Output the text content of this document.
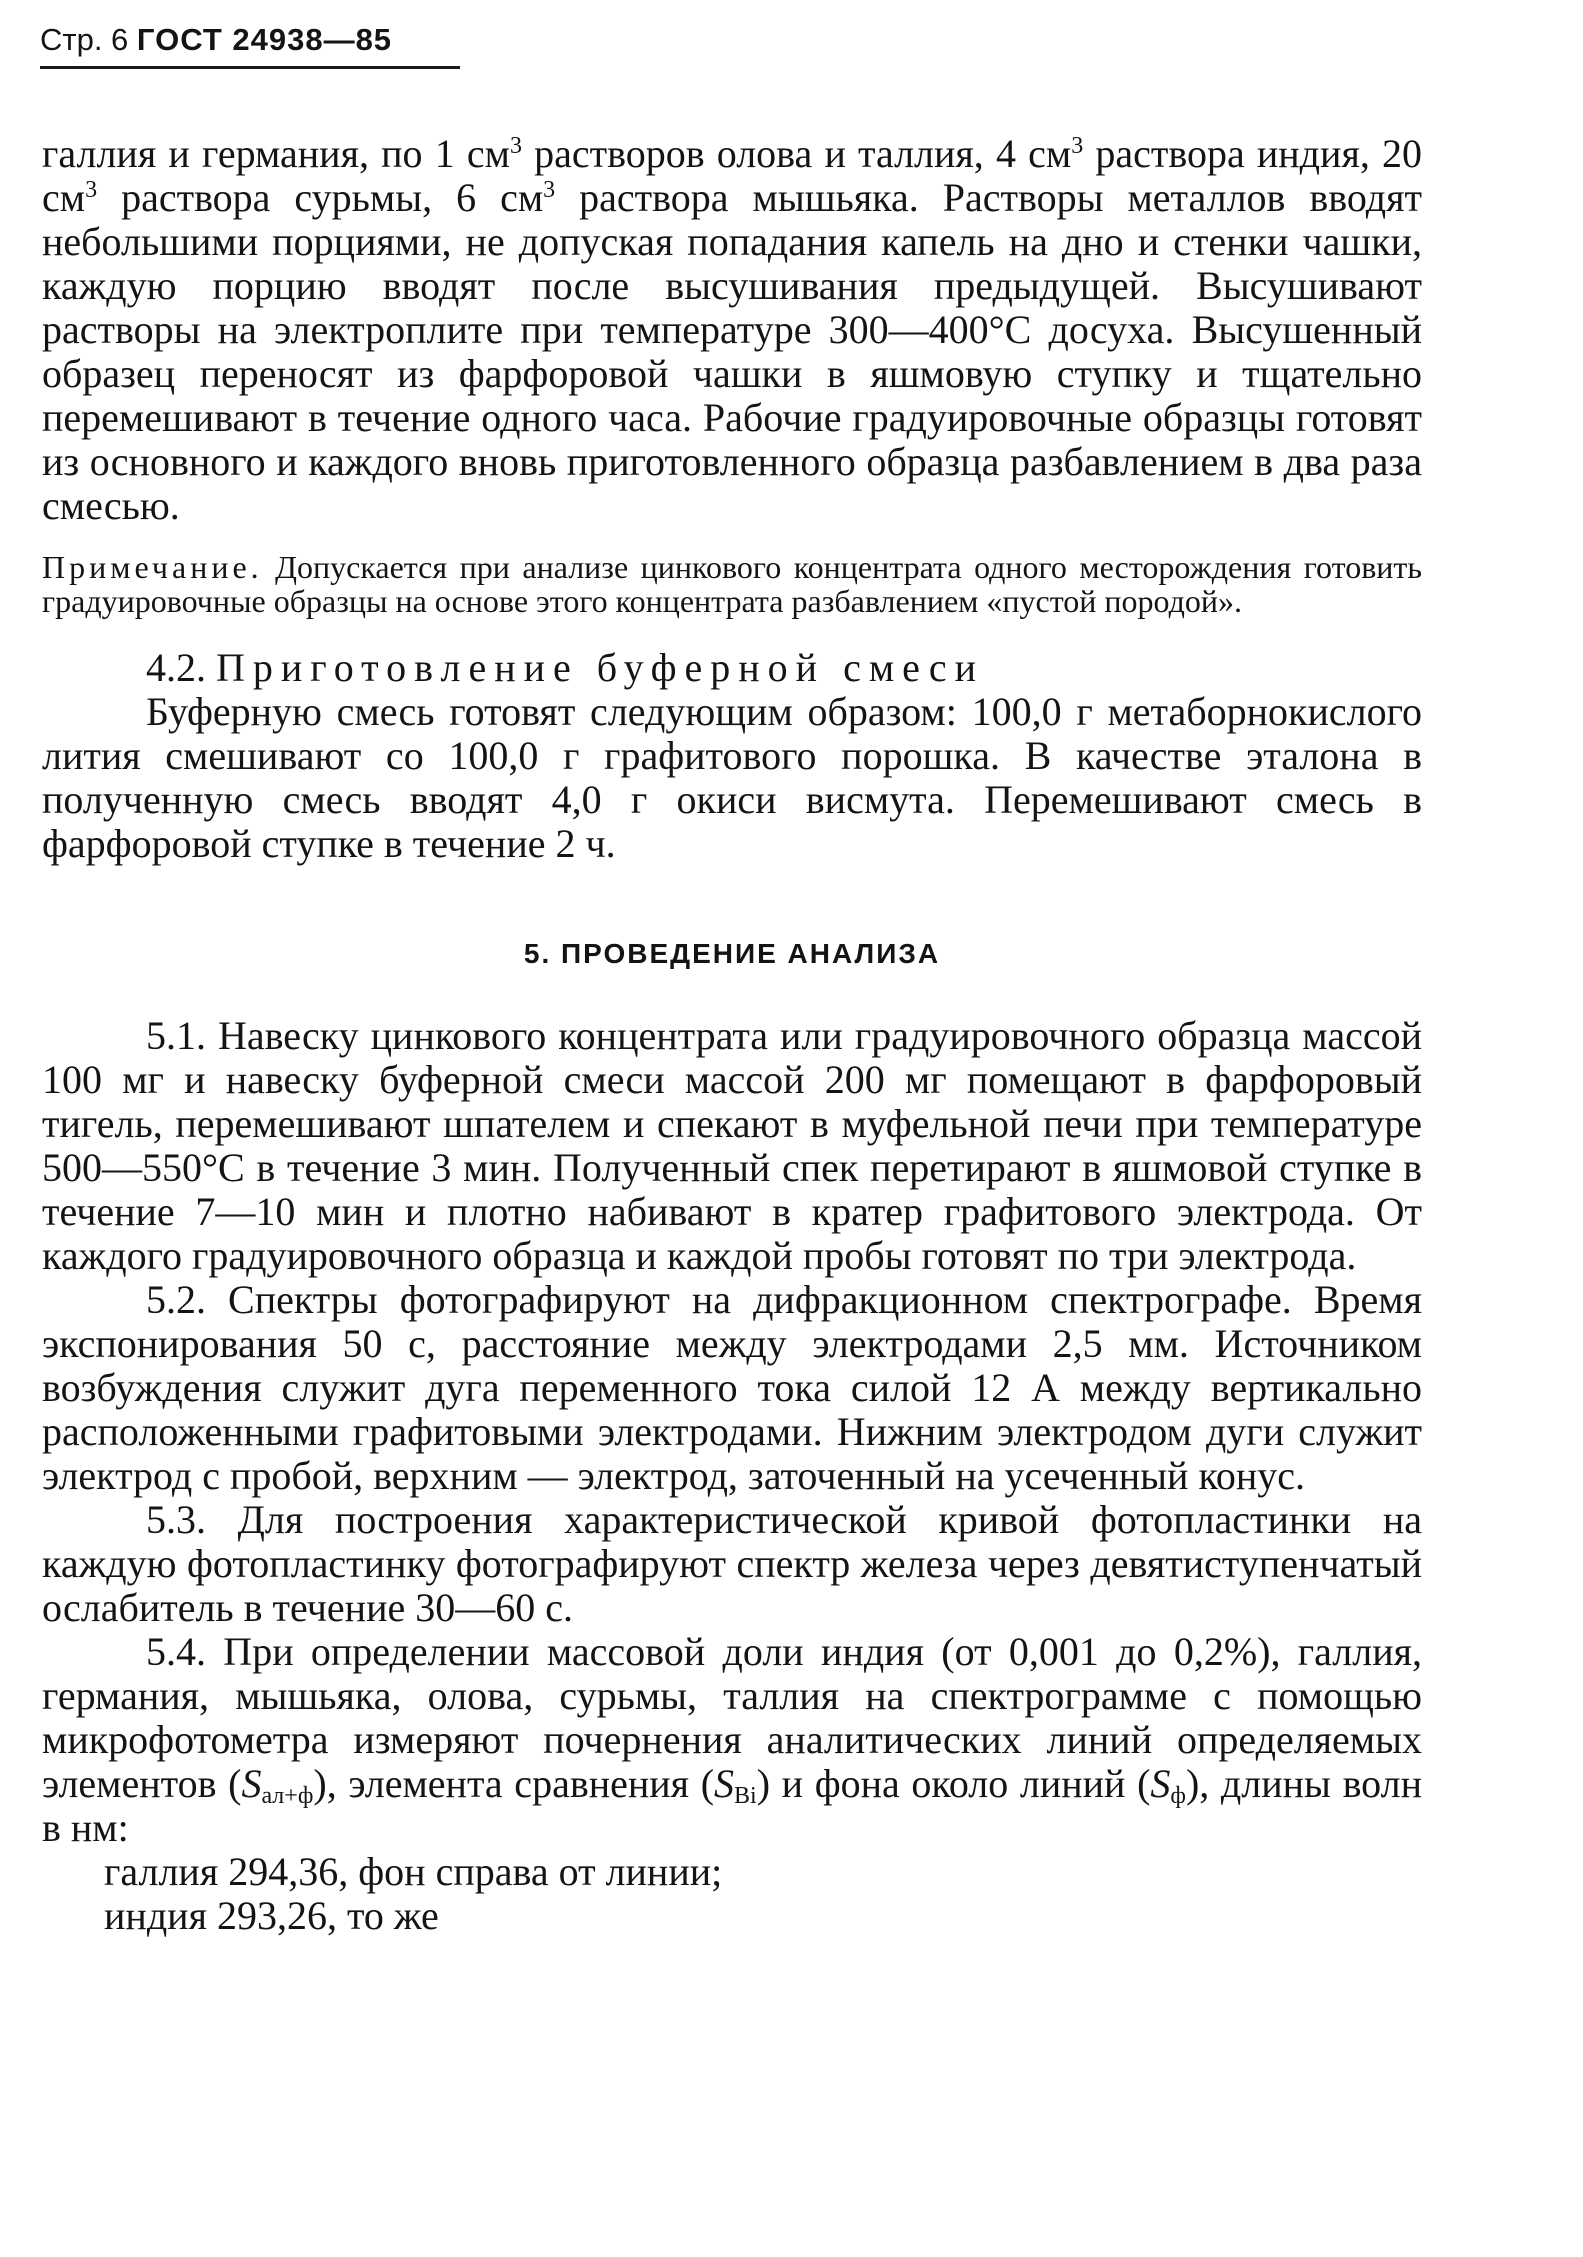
Стр. 6 ГОСТ 24938—85

галлия и германия, по 1 $см^3$ растворов олова и таллия, 4 $см^3$ раствора индия, 20 $см^3$ раствора сурьмы, 6 $см^3$ раствора мышьяка. Растворы металлов вводят небольшими порциями, не допуская попадания капель на дно и стенки чашки, каждую порцию вводят после высушивания предыдущей. Высушивают растворы на электроплите при температуре 300—400°С досуха. Высушенный образец переносят из фарфоровой чашки в яшмовую ступку и тщательно перемешивают в течение одного часа. Рабочие градуировочные образцы готовят из основного и каждого вновь приготовленного образца разбавлением в два раза смесью.

Примечание. Допускается при анализе цинкового концентрата одного месторождения готовить градуировочные образцы на основе этого концентрата разбавлением «пустой породой».

4.2. Приготовление буферной смеси

Буферную смесь готовят следующим образом: 100,0 г метаборнокислого лития смешивают со 100,0 г графитового порошка. В качестве эталона в полученную смесь вводят 4,0 г окиси висмута. Перемешивают смесь в фарфоровой ступке в течение 2 ч.

5. ПРОВЕДЕНИЕ АНАЛИЗА

5.1. Навеску цинкового концентрата или градуировочного образца массой 100 мг и навеску буферной смеси массой 200 мг помещают в фарфоровый тигель, перемешивают шпателем и спекают в муфельной печи при температуре 500—550°С в течение 3 мин. Полученный спек перетирают в яшмовой ступке в течение 7—10 мин и плотно набивают в кратер графитового электрода. От каждого градуировочного образца и каждой пробы готовят по три электрода.

5.2. Спектры фотографируют на дифракционном спектрографе. Время экспонирования 50 с, расстояние между электродами 2,5 мм. Источником возбуждения служит дуга переменного тока силой 12 А между вертикально расположенными графитовыми электродами. Нижним электродом дуги служит электрод с пробой, верхним — электрод, заточенный на усеченный конус.

5.3. Для построения характеристической кривой фотопластинки на каждую фотопластинку фотографируют спектр железа через девятиступенчатый ослабитель в течение 30—60 с.

5.4. При определении массовой доли индия (от 0,001 до 0,2%), галлия, германия, мышьяка, олова, сурьмы, таллия на спектрограмме с помощью микрофотометра измеряют почернения аналитических линий определяемых элементов $(S_{ал+ф})$, элемента сравнения $(S_{Bi})$ и фона около линий $(S_ф)$, длины волн в нм:

галлия 294,36, фон справа от линии;
индия 293,26, то же
